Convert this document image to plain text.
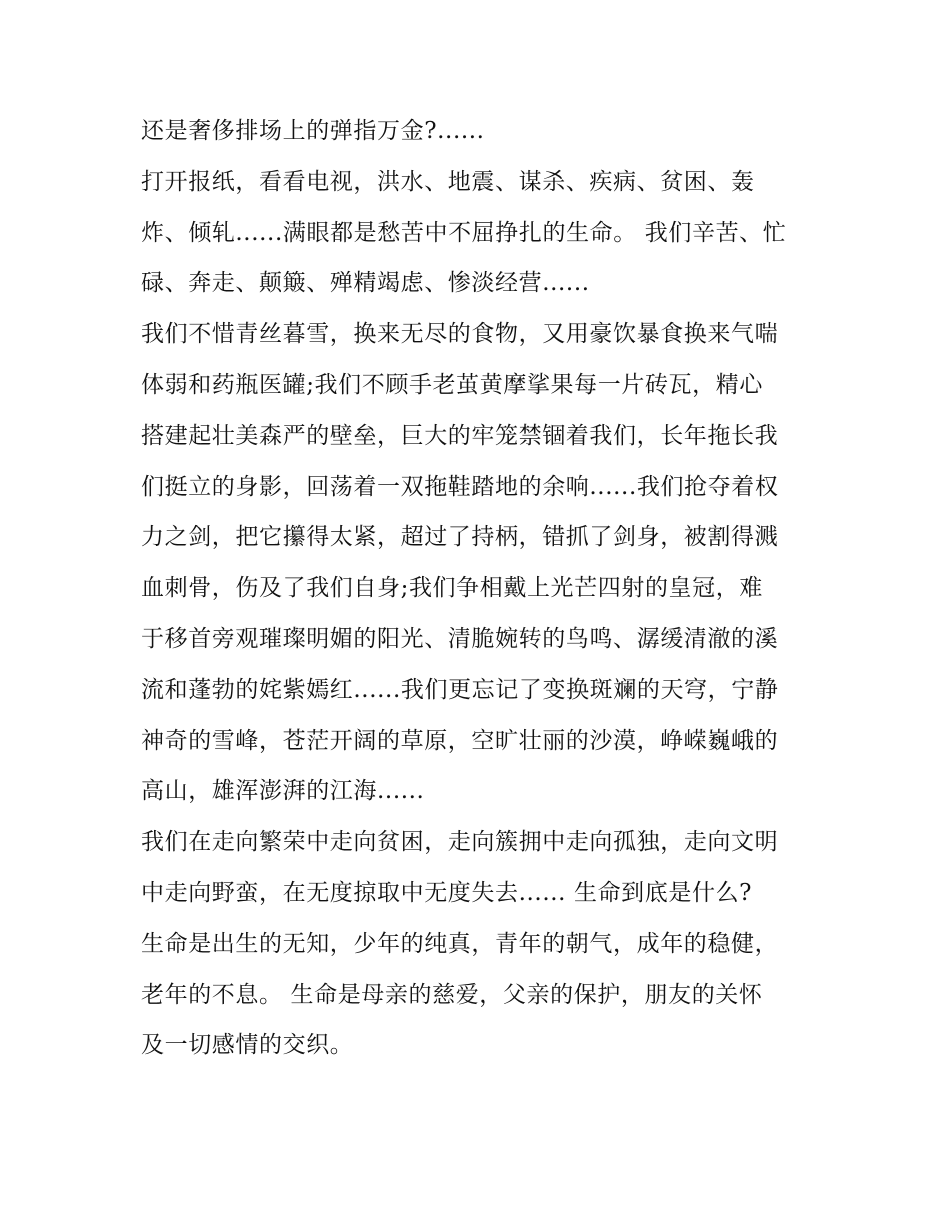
还是奢侈排场上的弹指万金?......
打开报纸，看看电视，洪水、地震、谋杀、疾病、贫困、轰
炸、倾轧......满眼都是愁苦中不屈挣扎的生命。 我们辛苦、忙
碌、奔走、颠簸、殚精竭虑、惨淡经营......
我们不惜青丝暮雪，换来无尽的食物，又用豪饮暴食换来气喘
体弱和药瓶医罐;我们不顾手老茧黄摩挲果每一片砖瓦，精心
搭建起壮美森严的壁垒，巨大的牢笼禁锢着我们，长年拖长我
们挺立的身影，回荡着一双拖鞋踏地的余响......我们抢夺着权
力之剑，把它攥得太紧，超过了持柄，错抓了剑身，被割得溅
血刺骨，伤及了我们自身;我们争相戴上光芒四射的皇冠，难
于移首旁观璀璨明媚的阳光、清脆婉转的鸟鸣、潺缓清澈的溪
流和蓬勃的姹紫嫣红......我们更忘记了变换斑斓的天穹，宁静
神奇的雪峰，苍茫开阔的草原，空旷壮丽的沙漠，峥嵘巍峨的
高山，雄浑澎湃的江海......
我们在走向繁荣中走向贫困，走向簇拥中走向孤独，走向文明
中走向野蛮，在无度掠取中无度失去...... 生命到底是什么?
生命是出生的无知，少年的纯真，青年的朝气，成年的稳健，
老年的不息。 生命是母亲的慈爱，父亲的保护，朋友的关怀
及一切感情的交织。
